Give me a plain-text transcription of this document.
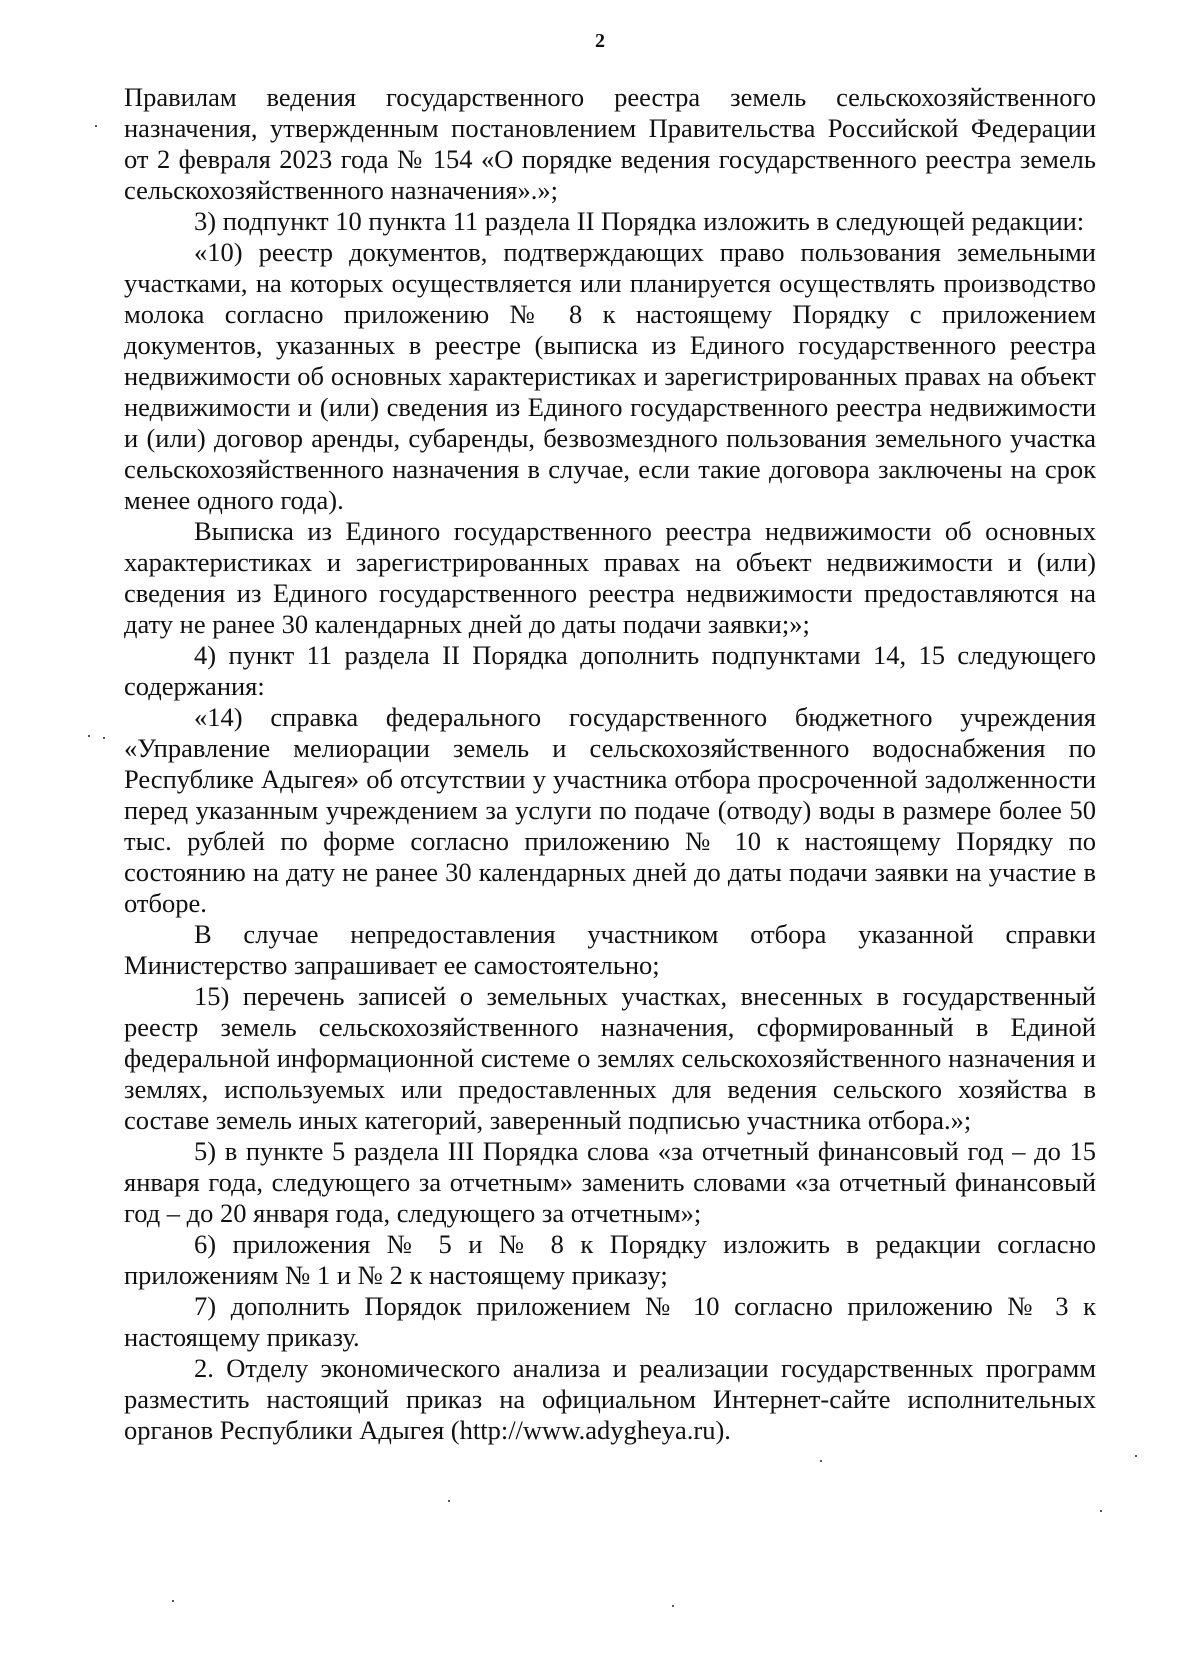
2

Правилам ведения государственного реестра земель сельскохозяйственного назначения, утвержденным постановлением Правительства Российской Федерации от 2 февраля 2023 года № 154 «О порядке ведения государственного реестра земель сельскохозяйственного назначения».»;

3) подпункт 10 пункта 11 раздела II Порядка изложить в следующей редакции:

«10) реестр документов, подтверждающих право пользования земельными участками, на которых осуществляется или планируется осуществлять производство молока согласно приложению № 8 к настоящему Порядку с приложением документов, указанных в реестре (выписка из Единого государственного реестра недвижимости об основных характеристиках и зарегистрированных правах на объект недвижимости и (или) сведения из Единого государственного реестра недвижимости и (или) договор аренды, субаренды, безвозмездного пользования земельного участка сельскохозяйственного назначения в случае, если такие договора заключены на срок менее одного года).

Выписка из Единого государственного реестра недвижимости об основных характеристиках и зарегистрированных правах на объект недвижимости и (или) сведения из Единого государственного реестра недвижимости предоставляются на дату не ранее 30 календарных дней до даты подачи заявки;»;

4) пункт 11 раздела II Порядка дополнить подпунктами 14, 15 следующего содержания:

«14) справка федерального государственного бюджетного учреждения «Управление мелиорации земель и сельскохозяйственного водоснабжения по Республике Адыгея» об отсутствии у участника отбора просроченной задолженности перед указанным учреждением за услуги по подаче (отводу) воды в размере более 50 тыс. рублей по форме согласно приложению № 10 к настоящему Порядку по состоянию на дату не ранее 30 календарных дней до даты подачи заявки на участие в отборе.

В случае непредоставления участником отбора указанной справки Министерство запрашивает ее самостоятельно;

15) перечень записей о земельных участках, внесенных в государственный реестр земель сельскохозяйственного назначения, сформированный в Единой федеральной информационной системе о землях сельскохозяйственного назначения и землях, используемых или предоставленных для ведения сельского хозяйства в составе земель иных категорий, заверенный подписью участника отбора.»;

5) в пункте 5 раздела III Порядка слова «за отчетный финансовый год – до 15 января года, следующего за отчетным» заменить словами «за отчетный финансовый год – до 20 января года, следующего за отчетным»;

6) приложения № 5 и № 8 к Порядку изложить в редакции согласно приложениям № 1 и № 2 к настоящему приказу;

7) дополнить Порядок приложением № 10 согласно приложению № 3 к настоящему приказу.

2. Отделу экономического анализа и реализации государственных программ разместить настоящий приказ на официальном Интернет-сайте исполнительных органов Республики Адыгея (http://www.adygheya.ru).
